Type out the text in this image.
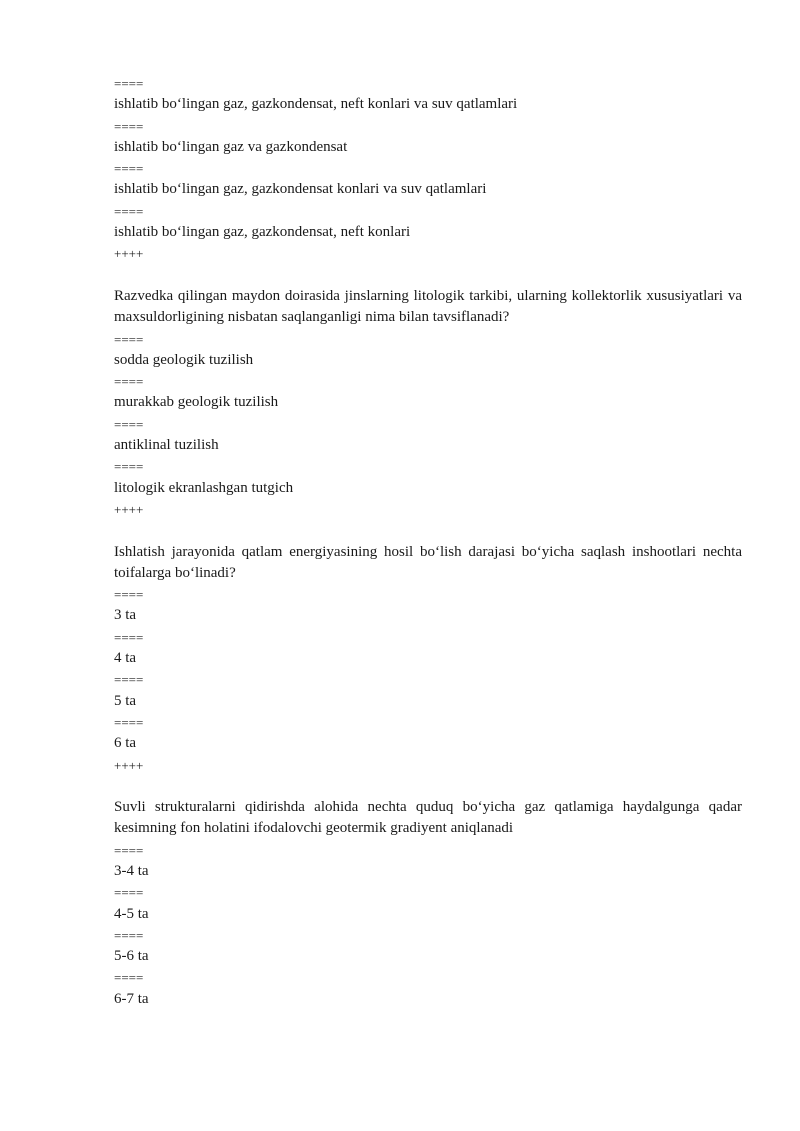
====
ishlatib boʻlingan gaz, gazkondensat, neft konlari va suv qatlamlari
====
ishlatib boʻlingan gaz va gazkondensat
====
ishlatib boʻlingan gaz, gazkondensat konlari va suv qatlamlari
====
ishlatib boʻlingan gaz, gazkondensat, neft konlari
++++
Razvedka qilingan maydon doirasida jinslarning litologik tarkibi, ularning kollektorlik xususiyatlari va maxsuldorligining nisbatan saqlanganligi nima bilan tavsiflanadi?
====
sodda geologik tuzilish
====
murakkab geologik tuzilish
====
antiklinal tuzilish
====
litologik ekranlashgan tutgich
++++
Ishlatish jarayonida qatlam energiyasining hosil boʻlish darajasi boʻyicha saqlash inshootlari nechta toifalarga boʻlinadi?
====
3 ta
====
4 ta
====
5 ta
====
6 ta
++++
Suvli strukturalarni qidirishda alohida nechta quduq boʻyicha gaz qatlamiga haydalgunga qadar kesimning fon holatini ifodalovchi geotermik gradiyent aniqlanadi
====
3-4 ta
====
4-5 ta
====
5-6 ta
====
6-7 ta
